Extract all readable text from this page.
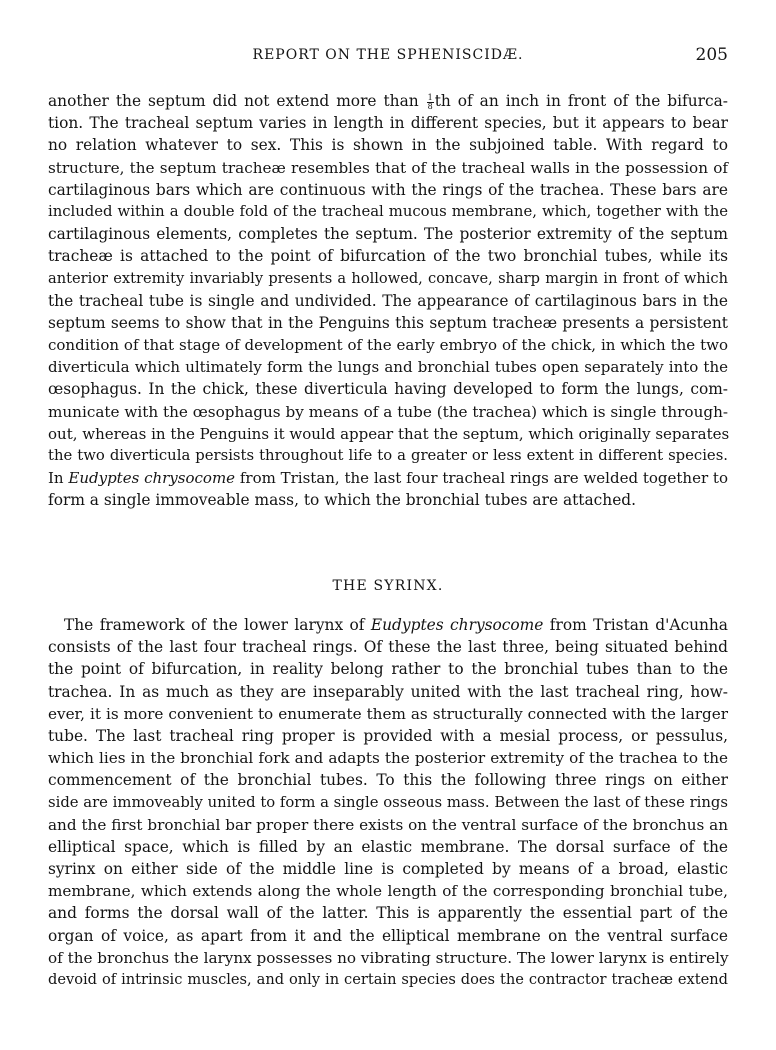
REPORT ON THE SPHENISCIDÆ.	205
another the septum did not extend more than $\frac{1}{8}$ th of an inch in front of the bifurca-
tion. The tracheal septum varies in length in different species, but it appears to bear
no relation whatever to sex. This is shown in the subjoined table. With regard to
structure, the septum tracheæ resembles that of the tracheal walls in the possession of
cartilaginous bars which are continuous with the rings of the trachea. These bars are
included within a double fold of the tracheal mucous membrane, which, together with the
cartilaginous elements, completes the septum. The posterior extremity of the septum
tracheæ is attached to the point of bifurcation of the two bronchial tubes, while its
anterior extremity invariably presents a hollowed, concave, sharp margin in front of which
the tracheal tube is single and undivided. The appearance of cartilaginous bars in the
septum seems to show that in the Penguins this septum tracheæ presents a persistent
condition of that stage of development of the early embryo of the chick, in which the two
diverticula which ultimately form the lungs and bronchial tubes open separately into the
œsophagus. In the chick, these diverticula having developed to form the lungs, com-
municate with the œsophagus by means of a tube (the trachea) which is single through-
out, whereas in the Penguins it would appear that the septum, which originally separates
the two diverticula persists throughout life to a greater or less extent in different species.
In Eudyptes chrysocome from Tristan, the last four tracheal rings are welded together to
form a single immoveable mass, to which the bronchial tubes are attached.
THE SYRINX.
The framework of the lower larynx of Eudyptes chrysocome from Tristan d'Acunha
consists of the last four tracheal rings. Of these the last three, being situated behind
the point of bifurcation, in reality belong rather to the bronchial tubes than to the
trachea. In as much as they are inseparably united with the last tracheal ring, how-
ever, it is more convenient to enumerate them as structurally connected with the larger
tube. The last tracheal ring proper is provided with a mesial process, or pessulus,
which lies in the bronchial fork and adapts the posterior extremity of the trachea to the
commencement of the bronchial tubes. To this the following three rings on either
side are immoveably united to form a single osseous mass. Between the last of these rings
and the first bronchial bar proper there exists on the ventral surface of the bronchus an
elliptical space, which is filled by an elastic membrane. The dorsal surface of the
syrinx on either side of the middle line is completed by means of a broad, elastic
membrane, which extends along the whole length of the corresponding bronchial tube,
and forms the dorsal wall of the latter. This is apparently the essential part of the
organ of voice, as apart from it and the elliptical membrane on the ventral surface
of the bronchus the larynx possesses no vibrating structure. The lower larynx is entirely
devoid of intrinsic muscles, and only in certain species does the contractor tracheæ extend
